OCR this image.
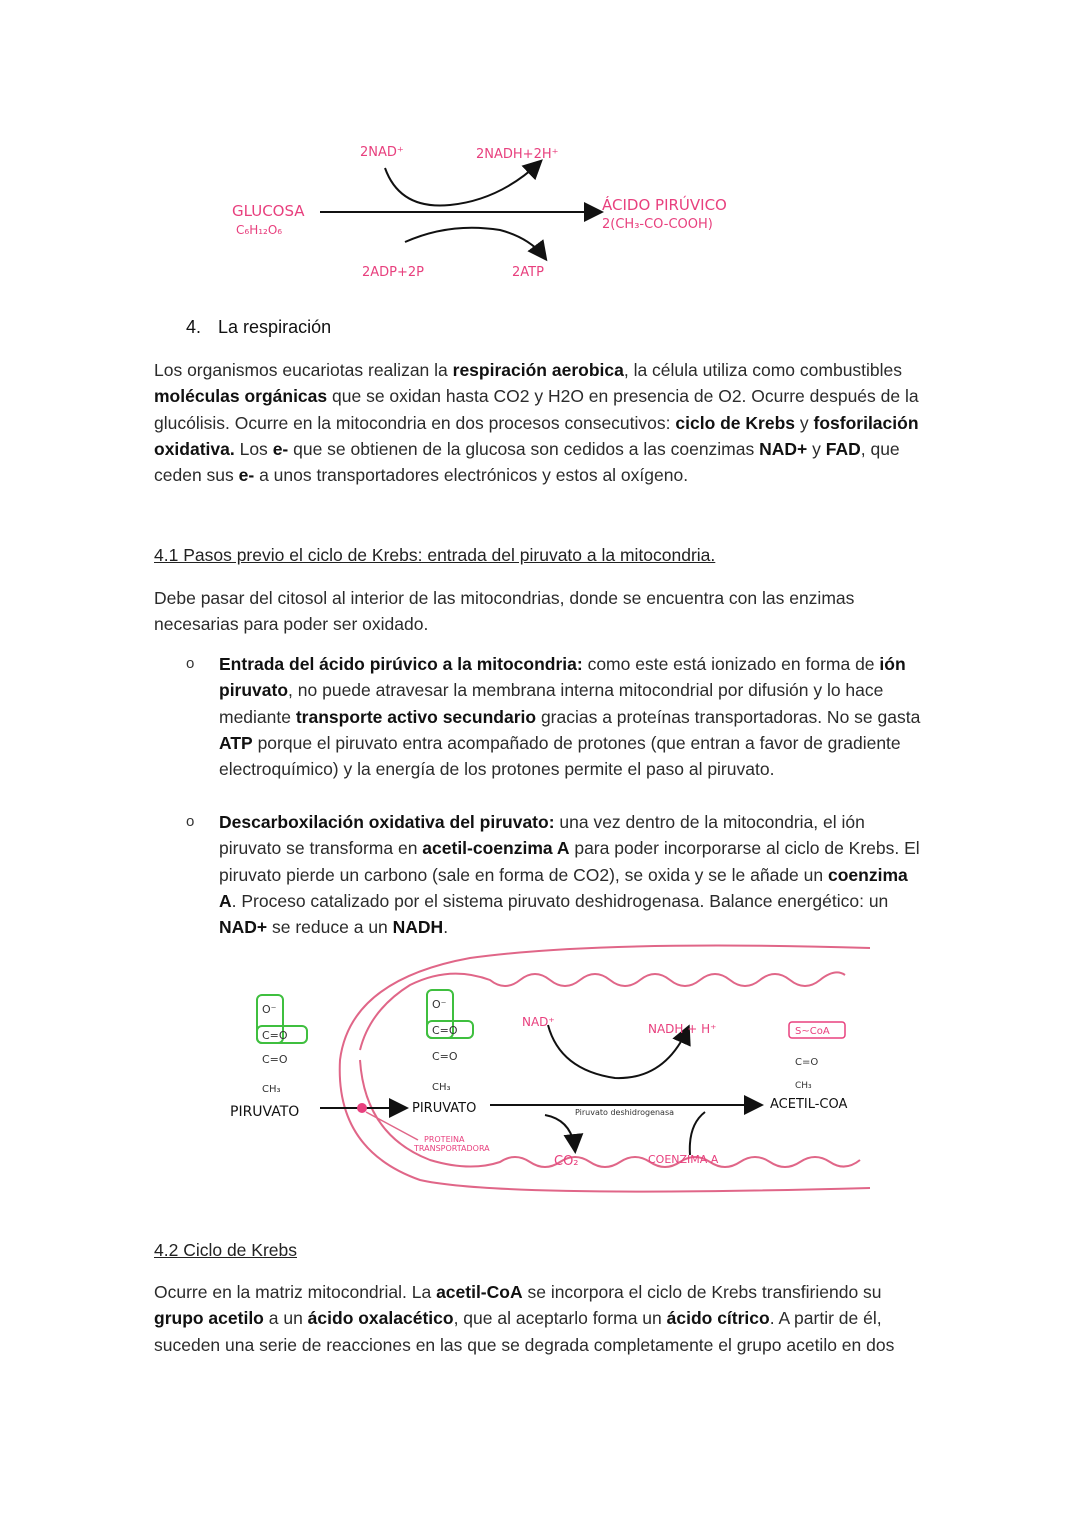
GLUCOSA
C₆H₁₂O₆
2NAD⁺	2NADH+2H⁺
2ADP+2P	2ATP
ÁCIDO PIRÚVICO
2(CH₃-CO-COOH)
4. La respiración
Los organismos eucariotas realizan la respiración aerobica, la célula utiliza como combustibles moléculas orgánicas que se oxidan hasta CO2 y H2O en presencia de O2. Ocurre después de la glucólisis. Ocurre en la mitocondria en dos procesos consecutivos: ciclo de Krebs y fosforilación oxidativa. Los e- que se obtienen de la glucosa son cedidos a las coenzimas NAD+ y FAD, que ceden sus e- a unos transportadores electrónicos y estos al oxígeno.
4.1 Pasos previo el ciclo de Krebs: entrada del piruvato a la mitocondria.
Debe pasar del citosol al interior de las mitocondrias, donde se encuentra con las enzimas necesarias para poder ser oxidado.
o Entrada del ácido pirúvico a la mitocondria: como este está ionizado en forma de ión piruvato, no puede atravesar la membrana interna mitocondrial por difusión y lo hace mediante transporte activo secundario gracias a proteínas transportadoras. No se gasta ATP porque el piruvato entra acompañado de protones (que entran a favor de gradiente electroquímico) y la energía de los protones permite el paso al piruvato.
o Descarboxilación oxidativa del piruvato: una vez dentro de la mitocondria, el ión piruvato se transforma en acetil-coenzima A para poder incorporarse al ciclo de Krebs. El piruvato pierde un carbono (sale en forma de CO2), se oxida y se le añade un coenzima A. Proceso catalizado por el sistema piruvato deshidrogenasa. Balance energético: un NAD+ se reduce a un NADH.
O⁻
C=O
C=O
CH₃
PIRUVATO
O⁻
C=O
C=O
CH₃
PIRUVATO
PROTEINA
TRANSPORTADORA
NAD⁺	NADH + H⁺
Piruvato deshidrogenasa
CO₂	COENZIMA A
S~CoA
C=O
CH₃
ACETIL-COA
4.2 Ciclo de Krebs
Ocurre en la matriz mitocondrial. La acetil-CoA se incorpora el ciclo de Krebs transfiriendo su grupo acetilo a un ácido oxalacético, que al aceptarlo forma un ácido cítrico. A partir de él, suceden una serie de reacciones en las que se degrada completamente el grupo acetilo en dos
